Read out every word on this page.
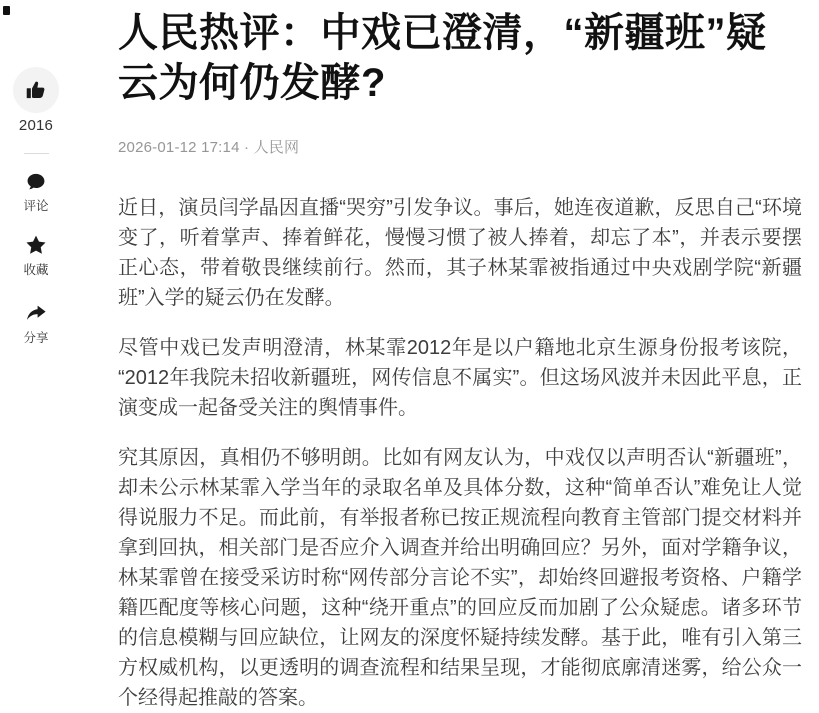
2016
评论
收藏
分享
人民热评：中戏已澄清，“新疆班”疑云为何仍发酵?
2026-01-12 17:14 · 人民网

近日，演员闫学晶因直播“哭穷”引发争议。事后，她连夜道歉，反思自己“环境变了，听着掌声、捧着鲜花，慢慢习惯了被人捧着，却忘了本”，并表示要摆正心态，带着敬畏继续前行。然而，其子林某霏被指通过中央戏剧学院“新疆班”入学的疑云仍在发酵。

尽管中戏已发声明澄清，林某霏2012年是以户籍地北京生源身份报考该院，“2012年我院未招收新疆班，网传信息不属实”。但这场风波并未因此平息，正演变成一起备受关注的舆情事件。

究其原因，真相仍不够明朗。比如有网友认为，中戏仅以声明否认“新疆班”，却未公示林某霏入学当年的录取名单及具体分数，这种“简单否认”难免让人觉得说服力不足。而此前，有举报者称已按正规流程向教育主管部门提交材料并拿到回执，相关部门是否应介入调查并给出明确回应？另外，面对学籍争议，林某霏曾在接受采访时称“网传部分言论不实”，却始终回避报考资格、户籍学籍匹配度等核心问题，这种“绕开重点”的回应反而加剧了公众疑虑。诸多环节的信息模糊与回应缺位，让网友的深度怀疑持续发酵。基于此，唯有引入第三方权威机构，以更透明的调查流程和结果呈现，才能彻底廓清迷雾，给公众一个经得起推敲的答案。
